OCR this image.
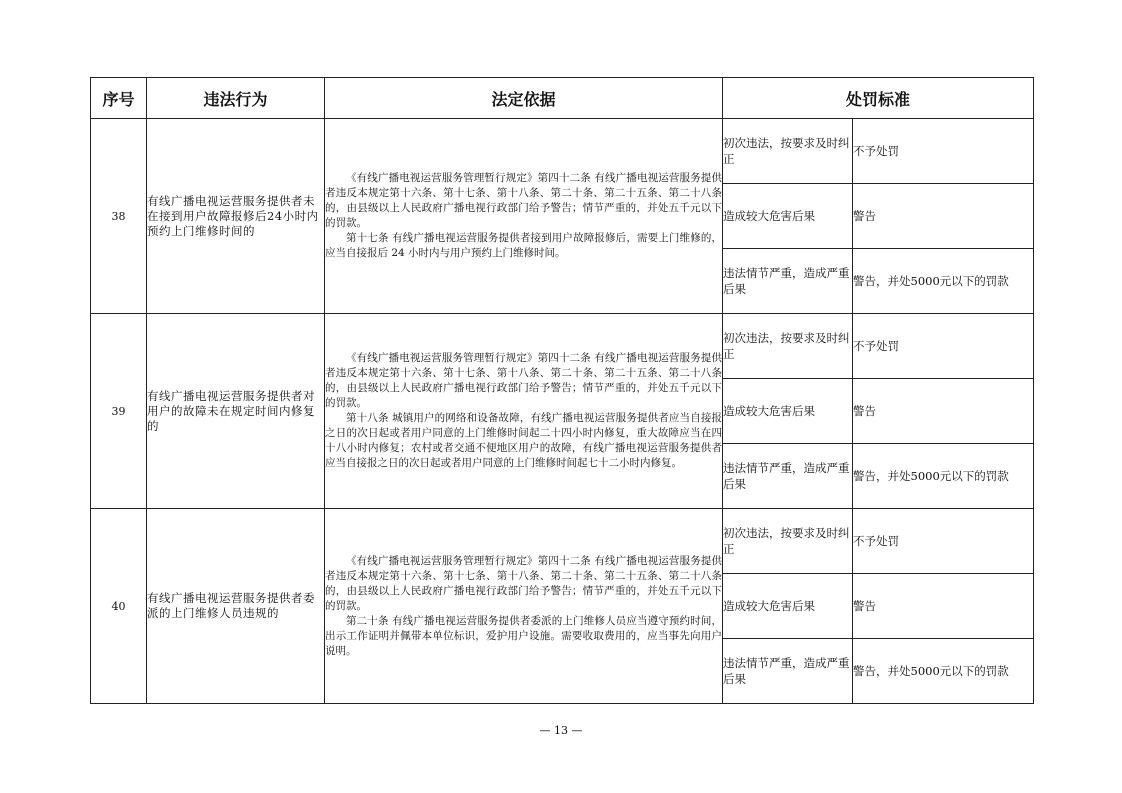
序号	违法行为	法定依据	处罚标准	
38	有线广播电视运营服务提供者未在接到用户故障报修后24小时内预约上门维修时间的	《有线广播电视运营服务管理暂行规定》第四十二条 有线广播电视运营服务提供者违反本规定第十六条、第十七条、第十八条、第二十条、第二十五条、第二十八条的，由县级以上人民政府广播电视行政部门给予警告；情节严重的，并处五千元以下的罚款。

第十七条 有线广播电视运营服务提供者接到用户故障报修后，需要上门维修的，应当自接报后 24 小时内与用户预约上门维修时间。	初次违法，按要求及时纠正	不予处罚
			造成较大危害后果	警告
			违法情节严重，造成严重后果	警告，并处5000元以下的罚款
39	有线广播电视运营服务提供者对用户的故障未在规定时间内修复的	《有线广播电视运营服务管理暂行规定》第四十二条 有线广播电视运营服务提供者违反本规定第十六条、第十七条、第十八条、第二十条、第二十五条、第二十八条的，由县级以上人民政府广播电视行政部门给予警告；情节严重的，并处五千元以下的罚款。

第十八条 城镇用户的网络和设备故障，有线广播电视运营服务提供者应当自接报之日的次日起或者用户同意的上门维修时间起二十四小时内修复，重大故障应当在四十八小时内修复；农村或者交通不便地区用户的故障，有线广播电视运营服务提供者应当自接报之日的次日起或者用户同意的上门维修时间起七十二小时内修复。	初次违法，按要求及时纠正	不予处罚
			造成较大危害后果	警告
			违法情节严重，造成严重后果	警告，并处5000元以下的罚款
40	有线广播电视运营服务提供者委派的上门维修人员违规的	《有线广播电视运营服务管理暂行规定》第四十二条 有线广播电视运营服务提供者违反本规定第十六条、第十七条、第十八条、第二十条、第二十五条、第二十八条的，由县级以上人民政府广播电视行政部门给予警告；情节严重的，并处五千元以下的罚款。

第二十条 有线广播电视运营服务提供者委派的上门维修人员应当遵守预约时间，出示工作证明并佩带本单位标识，爱护用户设施。需要收取费用的，应当事先向用户说明。	初次违法，按要求及时纠正	不予处罚
			造成较大危害后果	警告
			违法情节严重，造成严重后果	警告，并处5000元以下的罚款
— 13 —
